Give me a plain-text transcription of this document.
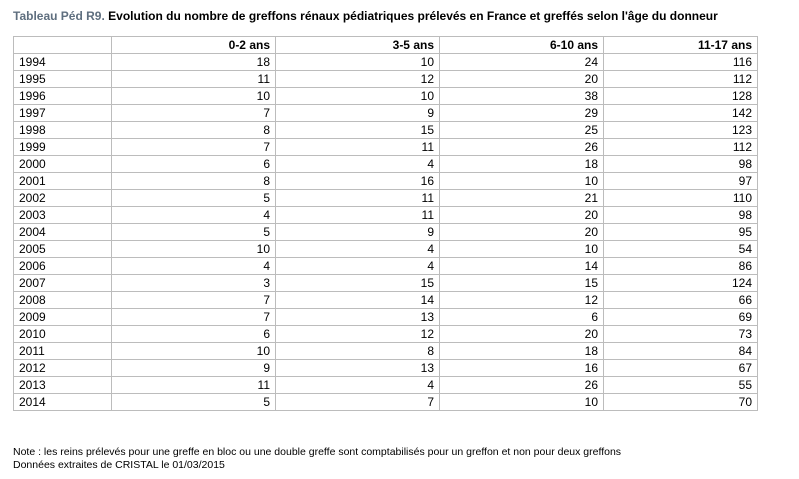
Tableau Péd R9. Evolution du nombre de greffons rénaux pédiatriques prélevés en France et greffés selon l'âge du donneur
	0-2 ans	3-5 ans	6-10 ans	11-17 ans
1994	18	10	24	116
1995	11	12	20	112
1996	10	10	38	128
1997	7	9	29	142
1998	8	15	25	123
1999	7	11	26	112
2000	6	4	18	98
2001	8	16	10	97
2002	5	11	21	110
2003	4	11	20	98
2004	5	9	20	95
2005	10	4	10	54
2006	4	4	14	86
2007	3	15	15	124
2008	7	14	12	66
2009	7	13	6	69
2010	6	12	20	73
2011	10	8	18	84
2012	9	13	16	67
2013	11	4	26	55
2014	5	7	10	70
Note : les reins prélevés pour une greffe en bloc ou une double greffe sont comptabilisés pour un greffon et non pour deux greffons
Données extraites de CRISTAL le 01/03/2015
